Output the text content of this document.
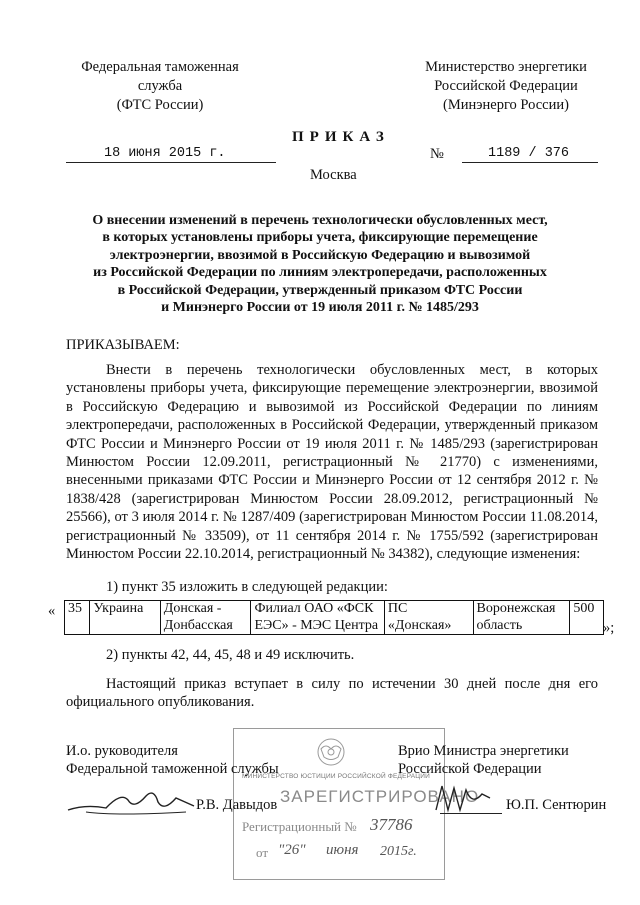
Федеральная таможенная
служба
(ФТС России)
Министерство энергетики
Российской Федерации
(Минэнерго России)
ПРИКАЗ
18 июня 2015 г.	№	1189 / 376
Москва
О внесении изменений в перечень технологически обусловленных мест,
в которых установлены приборы учета, фиксирующие перемещение
электроэнергии, ввозимой в Российскую Федерацию и вывозимой
из Российской Федерации по линиям электропередачи, расположенных
в Российской Федерации, утвержденный приказом ФТС России
и Минэнерго России от 19 июля 2011 г. № 1485/293
ПРИКАЗЫВАЕМ:
Внести в перечень технологически обусловленных мест, в которых установлены приборы учета, фиксирующие перемещение электроэнергии, ввозимой в Российскую Федерацию и вывозимой из Российской Федерации по линиям электропередачи, расположенных в Российской Федерации, утвержденный приказом ФТС России и Минэнерго России от 19 июля 2011 г. № 1485/293 (зарегистрирован Минюстом России 12.09.2011, регистрационный № 21770) с изменениями, внесенными приказами ФТС России и Минэнерго России от 12 сентября 2012 г. № 1838/428 (зарегистрирован Минюстом России 28.09.2012, регистрационный № 25566), от 3 июля 2014 г. № 1287/409 (зарегистрирован Минюстом России 11.08.2014, регистрационный № 33509), от 11 сентября 2014 г. № 1755/592 (зарегистрирован Минюстом России 22.10.2014, регистрационный № 34382), следующие изменения:
1) пункт 35 изложить в следующей редакции:
« 35	Украина	Донская - Донбасская	Филиал ОАО «ФСК ЕЭС» - МЭС Центра	ПС «Донская»	Воронежская область	500
»;
2) пункты 42, 44, 45, 48 и 49 исключить.
Настоящий приказ вступает в силу по истечении 30 дней после дня его официального опубликования.
МИНИСТЕРСТВО ЮСТИЦИИ РОССИЙСКОЙ ФЕДЕРАЦИИ
ЗАРЕГИСТРИРОВАНО
Регистрационный № 37786
от "26" июня 2015г.
И.о. руководителя
Федеральной таможенной службы
Врио Министра энергетики
Российской Федерации
Р.В. Давыдов	Ю.П. Сентюрин
